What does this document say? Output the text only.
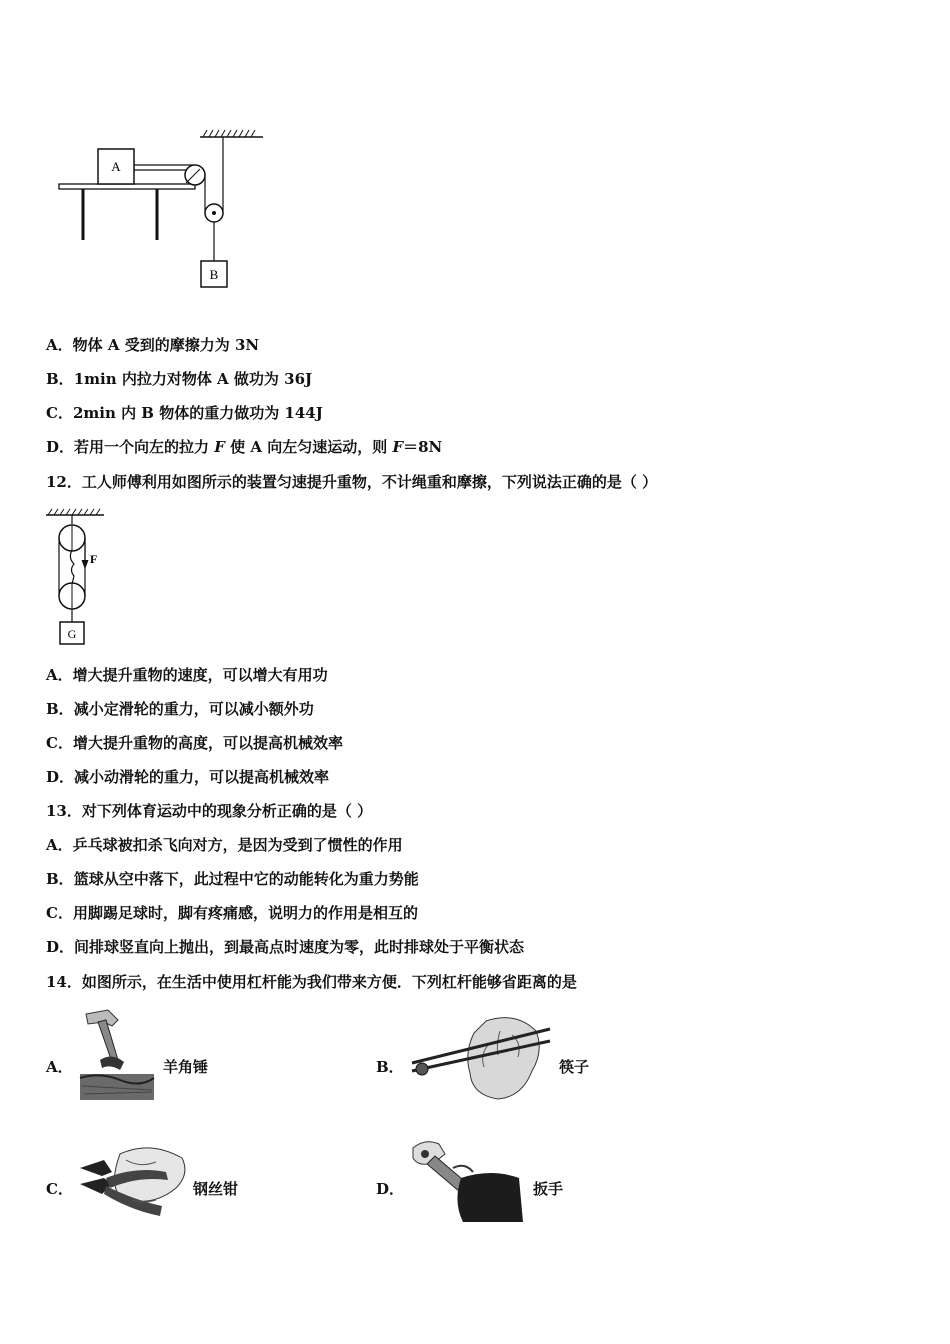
A
B
A．物体 A 受到的摩擦力为 3N
B．1min 内拉力对物体 A 做功为 36J
C．2min 内 B 物体的重力做功为 144J
D．若用一个向左的拉力 F 使 A 向左匀速运动，则 F＝8N
12．工人师傅利用如图所示的装置匀速提升重物，不计绳重和摩擦，下列说法正确的是（ ）
F
G
A．增大提升重物的速度，可以增大有用功
B．减小定滑轮的重力，可以减小额外功
C．增大提升重物的高度，可以提高机械效率
D．减小动滑轮的重力，可以提高机械效率
13．对下列体育运动中的现象分析正确的是（ ）
A．乒乓球被扣杀飞向对方，是因为受到了惯性的作用
B．篮球从空中落下，此过程中它的动能转化为重力势能
C．用脚踢足球时，脚有疼痛感，说明力的作用是相互的
D．间排球竖直向上抛出，到最高点时速度为零，此时排球处于平衡状态
14．如图所示，在生活中使用杠杆能为我们带来方便．下列杠杆能够省距离的是
A．	羊角锤	B．	筷子
C．	钢丝钳	D．	扳手
